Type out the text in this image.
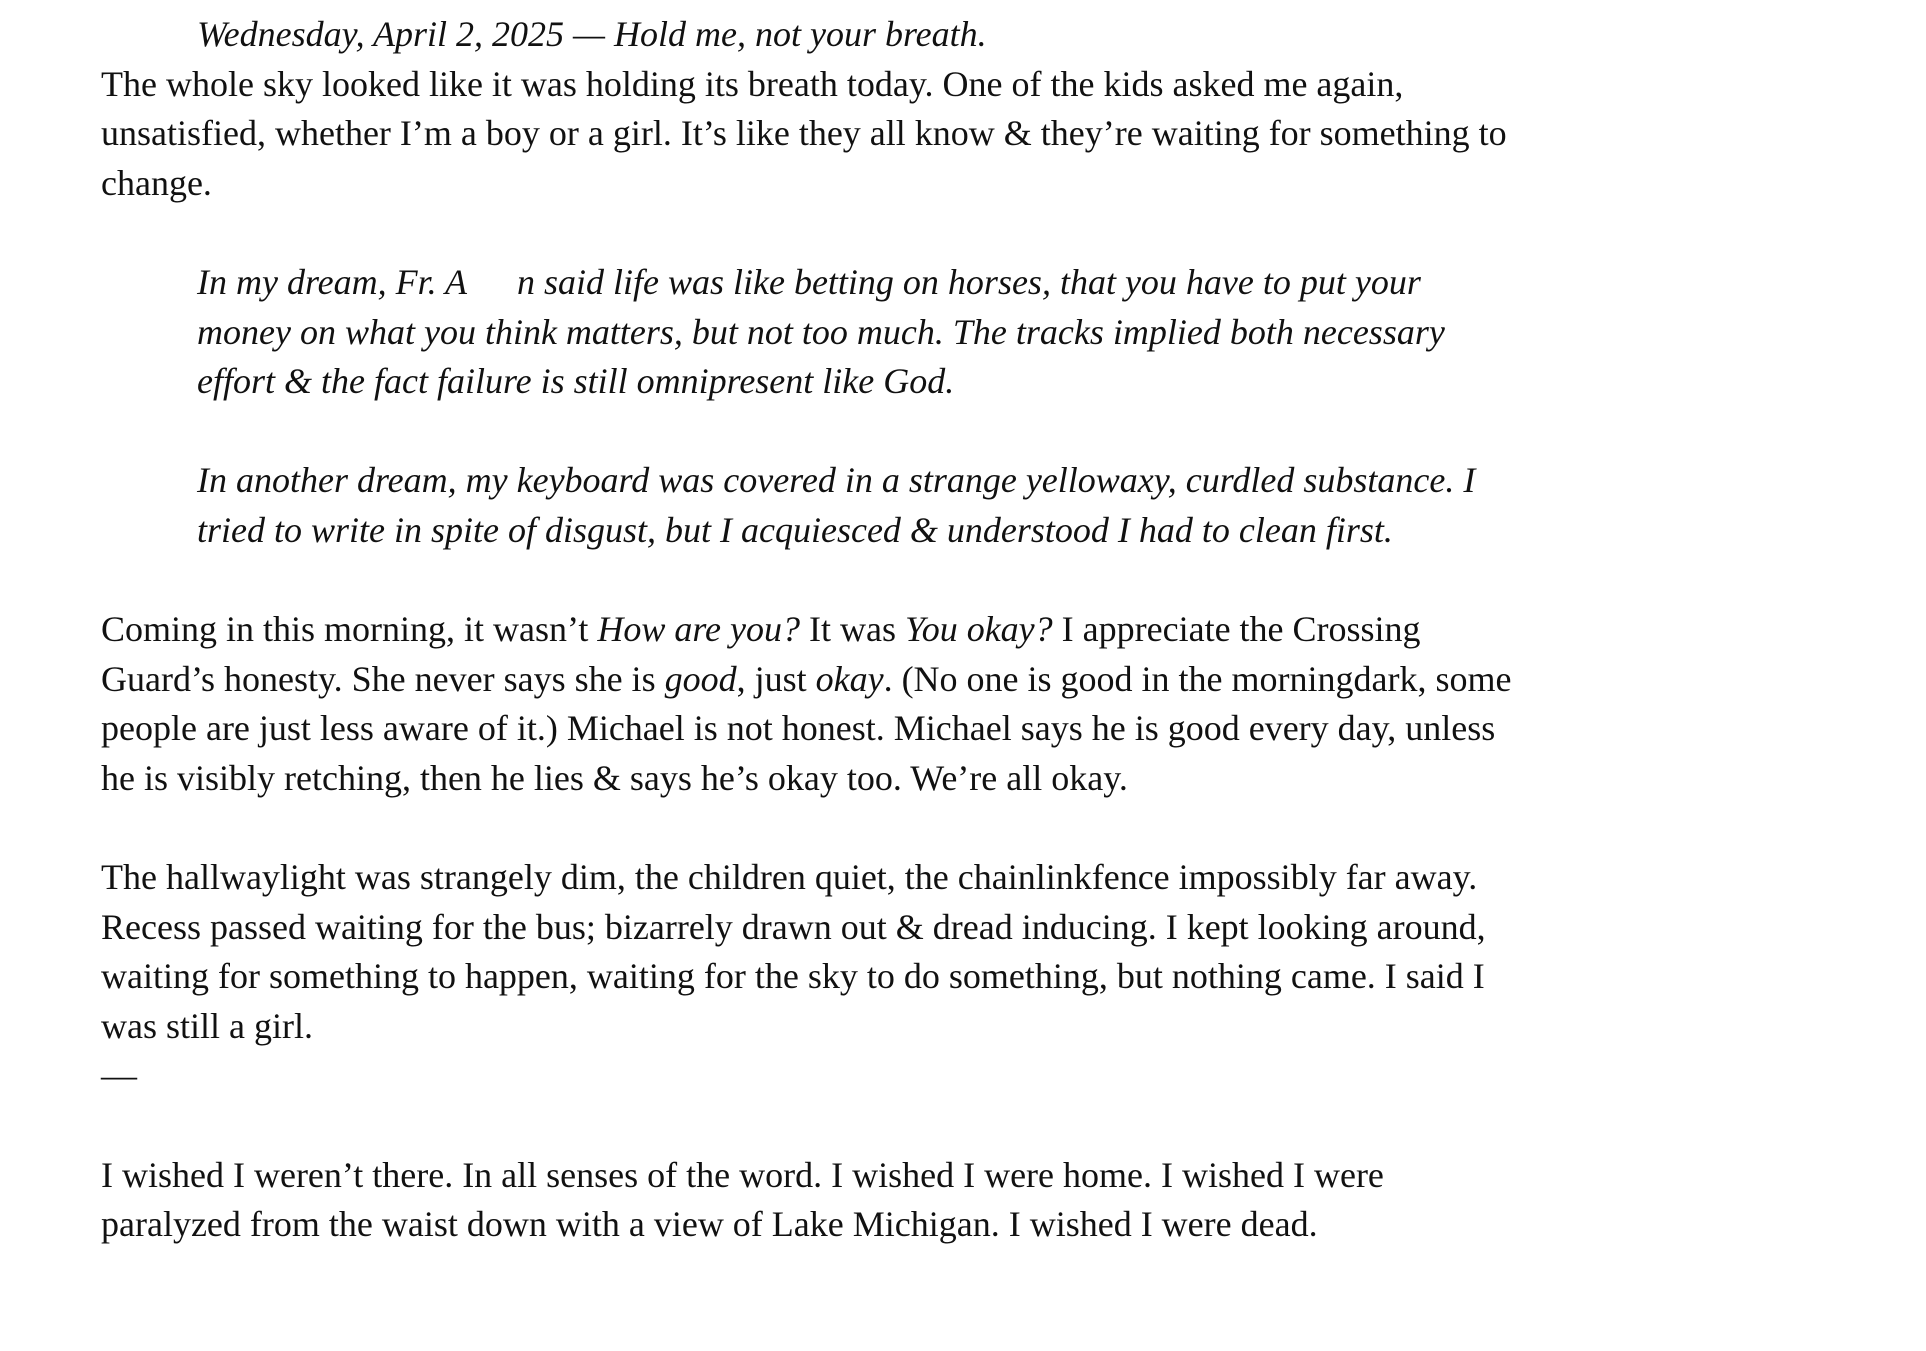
Wednesday, April 2, 2025 — Hold me, not your breath.

The whole sky looked like it was holding its breath today. One of the kids asked me again, unsatisfied, whether I’m a boy or a girl. It’s like they all know & they’re waiting for something to change.

In my dream, Fr. A n said life was like betting on horses, that you have to put your money on what you think matters, but not too much. The tracks implied both necessary effort & the fact failure is still omnipresent like God.

In another dream, my keyboard was covered in a strange yellowaxy, curdled substance. I tried to write in spite of disgust, but I acquiesced & understood I had to clean first.

Coming in this morning, it wasn’t How are you? It was You okay? I appreciate the Crossing Guard’s honesty. She never says she is good, just okay. (No one is good in the morningdark, some people are just less aware of it.) Michael is not honest. Michael says he is good every day, unless he is visibly retching, then he lies & says he’s okay too. We’re all okay.

The hallwaylight was strangely dim, the children quiet, the chainlinkfence impossibly far away. Recess passed waiting for the bus; bizarrely drawn out & dread inducing. I kept looking around, waiting for something to happen, waiting for the sky to do something, but nothing came. I said I was still a girl.

—

I wished I weren’t there. In all senses of the word. I wished I were home. I wished I were paralyzed from the waist down with a view of Lake Michigan. I wished I were dead.
